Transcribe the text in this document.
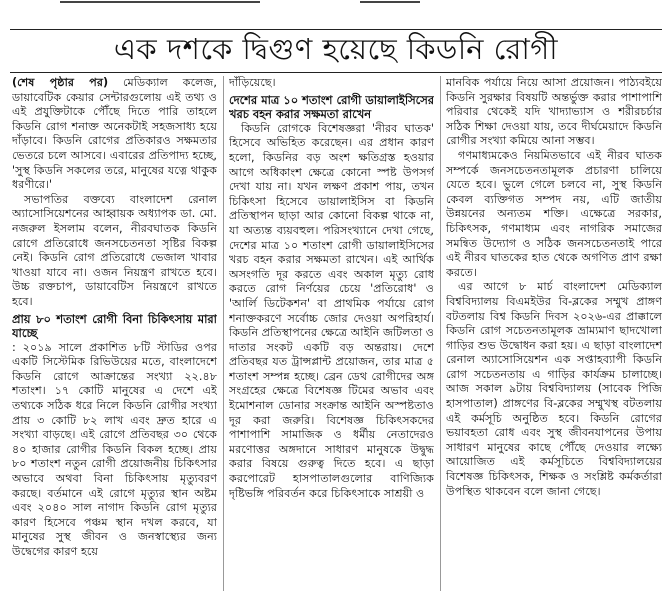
এক দশকে দ্বিগুণ হয়েছে কিডনি রোগী

(শেষ পৃষ্ঠার পর) মেডিক্যাল কলেজ, ডায়াবেটিক কেয়ার সেন্টারগুলোয় এই তথ্য ও এই প্রযুক্তিটাকে পৌঁছে দিতে পারি তাহলে কিডনি রোগ শনাক্ত অনেকটাই সহজসাধ্য হয়ে দাঁড়াবে। কিডনি রোগের প্রতিকারও সক্ষমতার ভেতরে চলে আসবে। এবারের প্রতিপাদ্য হচ্ছে, 'সুস্থ কিডনি সকলের তরে, মানুষের যত্নে থাকুক ধরণীরে।'

সভাপতির বক্তব্যে বাংলাদেশ রেনাল অ্যাসোসিয়েশনের আহ্বায়ক অধ্যাপক ডা. মো. নজরুল ইসলাম বলেন, নীরবঘাতক কিডনি রোগে প্রতিরোধে জনসচেতনতা সৃষ্টির বিকল্প নেই। কিডনি রোগ প্রতিরোধে ভেজাল খাবার খাওয়া যাবে না। ওজন নিয়ন্ত্রণ রাখতে হবে। উচ্চ রক্তচাপ, ডায়াবেটিস নিয়ন্ত্রণে রাখতে হবে।

প্রায় ৮০ শতাংশ রোগী বিনা চিকিৎসায় মারা যাচ্ছে

: ২০১৯ সালে প্রকাশিত ৮টি স্টাডির ওপর একটি সিস্টেমিক রিভিউয়ের মতে, বাংলাদেশে কিডনি রোগে আক্রান্তের সংখ্যা ২২.৪৮ শতাংশ। ১৭ কোটি মানুষের এ দেশে এই তথ্যকে সঠিক ধরে নিলে কিডনি রোগীর সংখ্যা প্রায় ৩ কোটি ৮২ লাখ এবং দ্রুত হারে এ সংখ্যা বাড়ছে। এই রোগে প্রতিবছর ৩০ থেকে ৪০ হাজার রোগীর কিডনি বিকল হচ্ছে। প্রায় ৮০ শতাংশ নতুন রোগী প্রয়োজনীয় চিকিৎসার অভাবে অথবা বিনা চিকিৎসায় মৃত্যুবরণ করছে। বর্তমানে এই রোগে মৃত্যুর স্থান অষ্টম এবং ২০৪০ সাল নাগাদ কিডনি রোগ মৃত্যুর কারণ হিসেবে পঞ্চম স্থান দখল করবে, যা মানুষের সুস্থ জীবন ও জনস্বাস্থ্যের জন্য উদ্বেগের কারণ হয়ে

দাঁড়িয়েছে।

দেশের মাত্র ১০ শতাংশ রোগী ডায়ালাইসিসের খরচ বহন করার সক্ষমতা রাখেন

কিডনি রোগকে বিশেষজ্ঞরা 'নীরব ঘাতক' হিসেবে অভিহিত করেছেন। এর প্রধান কারণ হলো, কিডনির বড় অংশ ক্ষতিগ্রস্ত হওয়ার আগে অধিকাংশ ক্ষেত্রে কোনো স্পষ্ট উপসর্গ দেখা যায় না। যখন লক্ষণ প্রকাশ পায়, তখন চিকিৎসা হিসেবে ডায়ালাইসিস বা কিডনি প্রতিস্থাপন ছাড়া আর কোনো বিকল্প থাকে না, যা অত্যন্ত ব্যয়বহুল। পরিসংখ্যানে দেখা গেছে, দেশের মাত্র ১০ শতাংশ রোগী ডায়ালাইসিসের খরচ বহন করার সক্ষমতা রাখেন। এই আর্থিক অসংগতি দূর করতে এবং অকাল মৃত্যু রোধ করতে রোগ নির্ণয়ের চেয়ে 'প্রতিরোধ' ও 'আর্লি ডিটেকশন' বা প্রাথমিক পর্যায়ে রোগ শনাক্তকরণে সর্বোচ্চ জোর দেওয়া অপরিহার্য। কিডনি প্রতিস্থাপনের ক্ষেত্রে আইনি জটিলতা ও দাতার সংকট একটি বড় অন্তরায়। দেশে প্রতিবছর যত ট্রান্সপ্লান্ট প্রয়োজন, তার মাত্র ৫ শতাংশ সম্পন্ন হচ্ছে। ব্রেন ডেথ রোগীদের অঙ্গ সংগ্রহের ক্ষেত্রে বিশেষজ্ঞ টিমের অভাব এবং ইমোশনাল ডোনার সংক্রান্ত আইনি অস্পষ্টতাও দূর করা জরুরি। বিশেষজ্ঞ চিকিৎসকদের পাশাপাশি সামাজিক ও ধর্মীয় নেতাদেরও মরণোত্তর অঙ্গদানে সাধারণ মানুষকে উদ্বুদ্ধ করার বিষয়ে গুরুত্ব দিতে হবে। এ ছাড়া করপোরেট হাসপাতালগুলোর বাণিজ্যিক দৃষ্টিভঙ্গি পরিবর্তন করে চিকিৎসাকে সাশ্রয়ী ও

মানবিক পর্যায়ে নিয়ে আসা প্রয়োজন। পাঠ্যবইয়ে কিডনি সুরক্ষার বিষয়টি অন্তর্ভুক্ত করার পাশাপাশি পরিবার থেকেই যদি খাদ্যাভ্যাস ও শরীরচর্চার সঠিক শিক্ষা দেওয়া যায়, তবে দীর্ঘমেয়াদে কিডনি রোগীর সংখ্যা কমিয়ে আনা সম্ভব।

গণমাধ্যমকেও নিয়মিতভাবে এই নীরব ঘাতক সম্পর্কে জনসচেতনতামূলক প্রচারণা চালিয়ে যেতে হবে। ভুলে গেলে চলবে না, সুস্থ কিডনি কেবল ব্যক্তিগত সম্পদ নয়, এটি জাতীয় উন্নয়নের অন্যতম শক্তি। এক্ষেত্রে সরকার, চিকিৎসক, গণমাধ্যম এবং নাগরিক সমাজের সমন্বিত উদ্যোগ ও সঠিক জনসচেতনতাই পারে এই নীরব ঘাতকের হাত থেকে অগণিত প্রাণ রক্ষা করতে।

এর আগে ৮ মার্চ বাংলাদেশ মেডিক্যাল বিশ্ববিদ্যালয় বিএমইউর বি-ব্লকের সম্মুখ প্রাঙ্গণ বটতলায় বিশ্ব কিডনি দিবস ২০২৬-এর প্রাক্কালে কিডনি রোগ সচেতনতামূলক ভ্রাম্যমাণ ছাদখোলা গাড়ির শুভ উদ্বোধন করা হয়। এ ছাড়া বাংলাদেশ রেনাল অ্যাসোসিয়েশন এক সপ্তাহব্যাপী কিডনি রোগ সচেতনতায় এ গাড়ির কার্যক্রম চালাচ্ছে। আজ সকাল ৯টায় বিশ্ববিদ্যালয় (সাবেক পিজি হাসপাতাল) প্রাঙ্গণের বি-ব্লকের সম্মুখস্থ বটতলায় এই কর্মসূচি অনুষ্ঠিত হবে। কিডনি রোগের ভয়াবহতা রোধ এবং সুস্থ জীবনযাপনের উপায় সাধারণ মানুষের কাছে পৌঁছে দেওয়ার লক্ষ্যে আয়োজিত এই কর্মসূচিতে বিশ্ববিদ্যালয়ের বিশেষজ্ঞ চিকিৎসক, শিক্ষক ও সংশ্লিষ্ট কর্মকর্তারা উপস্থিত থাকবেন বলে জানা গেছে।
